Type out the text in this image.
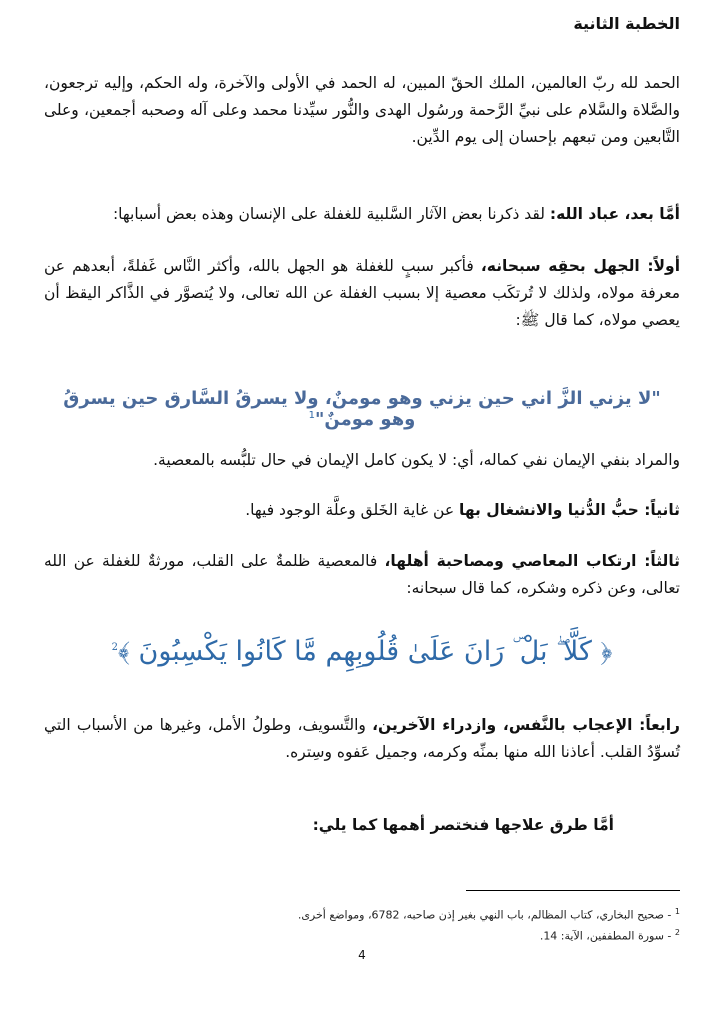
الخطبة الثانية

الحمد لله ربّ العالمين، الملك الحقّ المبين، له الحمد في الأولى والآخرة، وله الحكم، وإليه ترجعون، والصَّلاة والسَّلام على نبيِّ الرَّحمة ورسُول الهدى والنُّور سيِّدنا محمد وعلى آله وصحبه أجمعين، وعلى التَّابعين ومن تبعهم بإحسان إلى يوم الدِّين.

أمَّا بعد، عباد الله: لقد ذكرنا بعض الآثار السَّلبية للغفلة على الإنسان وهذه بعض أسبابها:

أولاً: الجهل بحقِه سبحانه، فأكبر سببٍ للغفلة هو الجهل بالله، وأكثر النَّاس غَفلةً، أبعدهم عن معرفة مولاه، ولذلك لا تُرتكَب معصية إلا بسبب الغفلة عن الله تعالى، ولا يُتصوَّر في الذَّاكر اليقظ أن يعصي مولاه، كما قال ﷺ:

"لا يزني الزَّ اني حين يزني وهو مومنٌ، ولا يسرقُ السَّارق حين يسرقُ وهو مومنٌ"$^1$

والمراد بنفي الإيمان نفي كماله، أي: لا يكون كامل الإيمان في حال تلبُّسه بالمعصية.

ثانياً: حبُّ الدُّنيا والانشغال بها عن غاية الخَلق وعلَّة الوجود فيها.

ثالثاً: ارتكاب المعاصي ومصاحبة أهلها، فالمعصية ظلمةٌ على القلب، مورثةٌ للغفلة عن الله تعالى، وعن ذكره وشكره، كما قال سبحانه:

﴿ كَلَّا ۖ بَلْ ۜ رَانَ عَلَىٰ قُلُوبِهِم مَّا كَانُوا يَكْسِبُونَ ﴾$^2$

رابعاً: الإعجاب بالنَّفس، وازدراء الآخرين، والتَّسويف، وطولُ الأمل، وغيرها من الأسباب التي تُسوِّدُ القلب. أعاذنا الله منها بمنِّه وكرمه، وجميل عَفوه وسِتره.

أمَّا طرق علاجها فنختصر أهمها كما يلي:

$^1$ - صحيح البخاري، كتاب المظالم، باب النهي بغير إذن صاحبه، 6782، ومواضع أخرى.

$^2$ - سورة المطففين، الآية: 14.

4
